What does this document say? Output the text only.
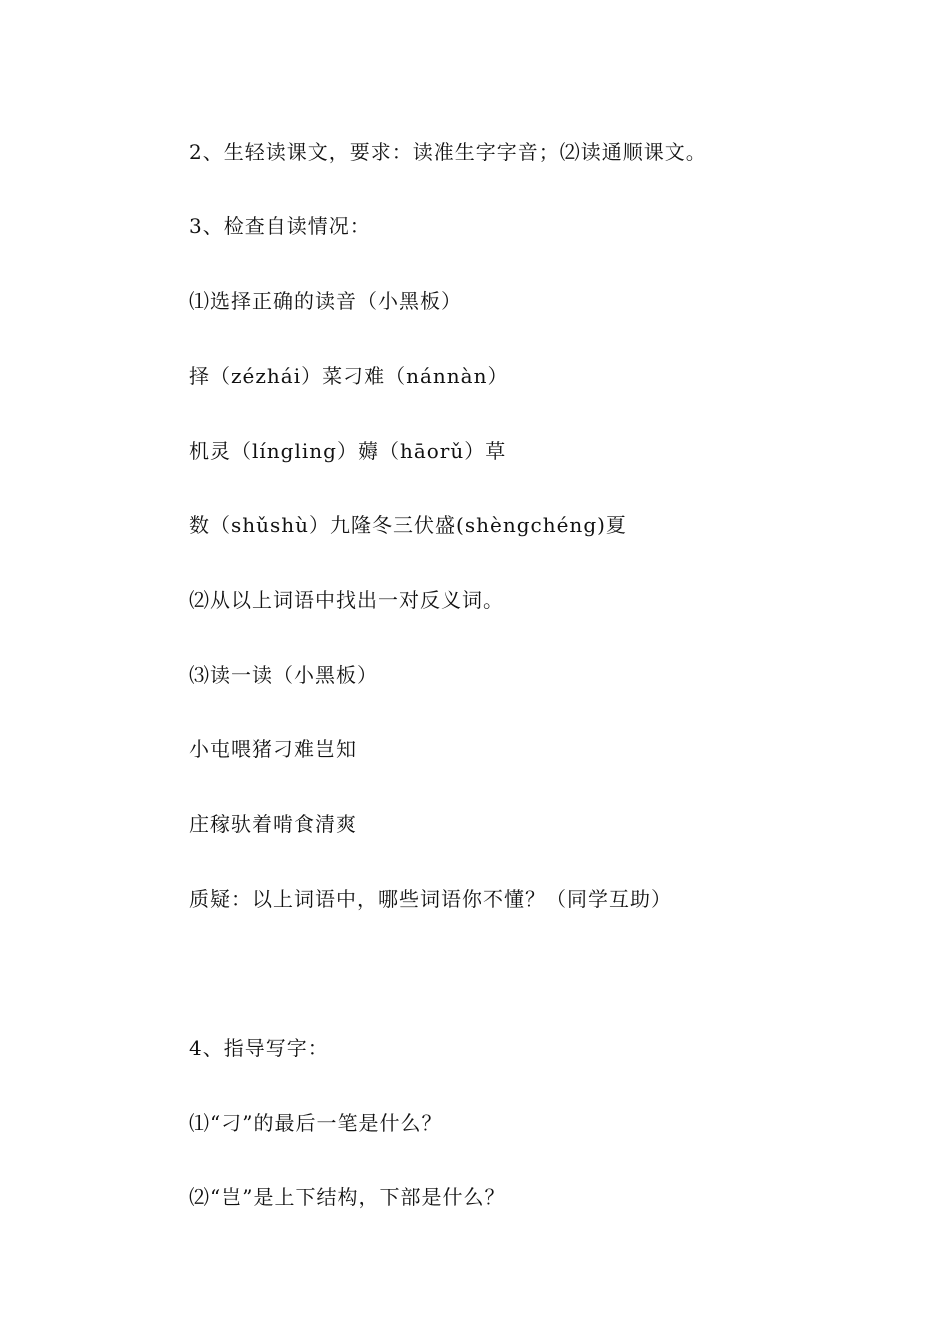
2、生轻读课文，要求：读准生字字音；⑵读通顺课文。
3、检查自读情况：
⑴选择正确的读音（小黑板）
择（zézhái）菜刁难（nánnàn）
机灵（língling）薅（hāorǔ）草
数（shǔshù）九隆冬三伏盛(shèngchéng)夏
⑵从以上词语中找出一对反义词。
⑶读一读（小黑板）
小屯喂猪刁难岂知
庄稼驮着啃食清爽
质疑：以上词语中，哪些词语你不懂？（同学互助）
4、指导写字：
⑴“刁”的最后一笔是什么？
⑵“岂”是上下结构，下部是什么？
